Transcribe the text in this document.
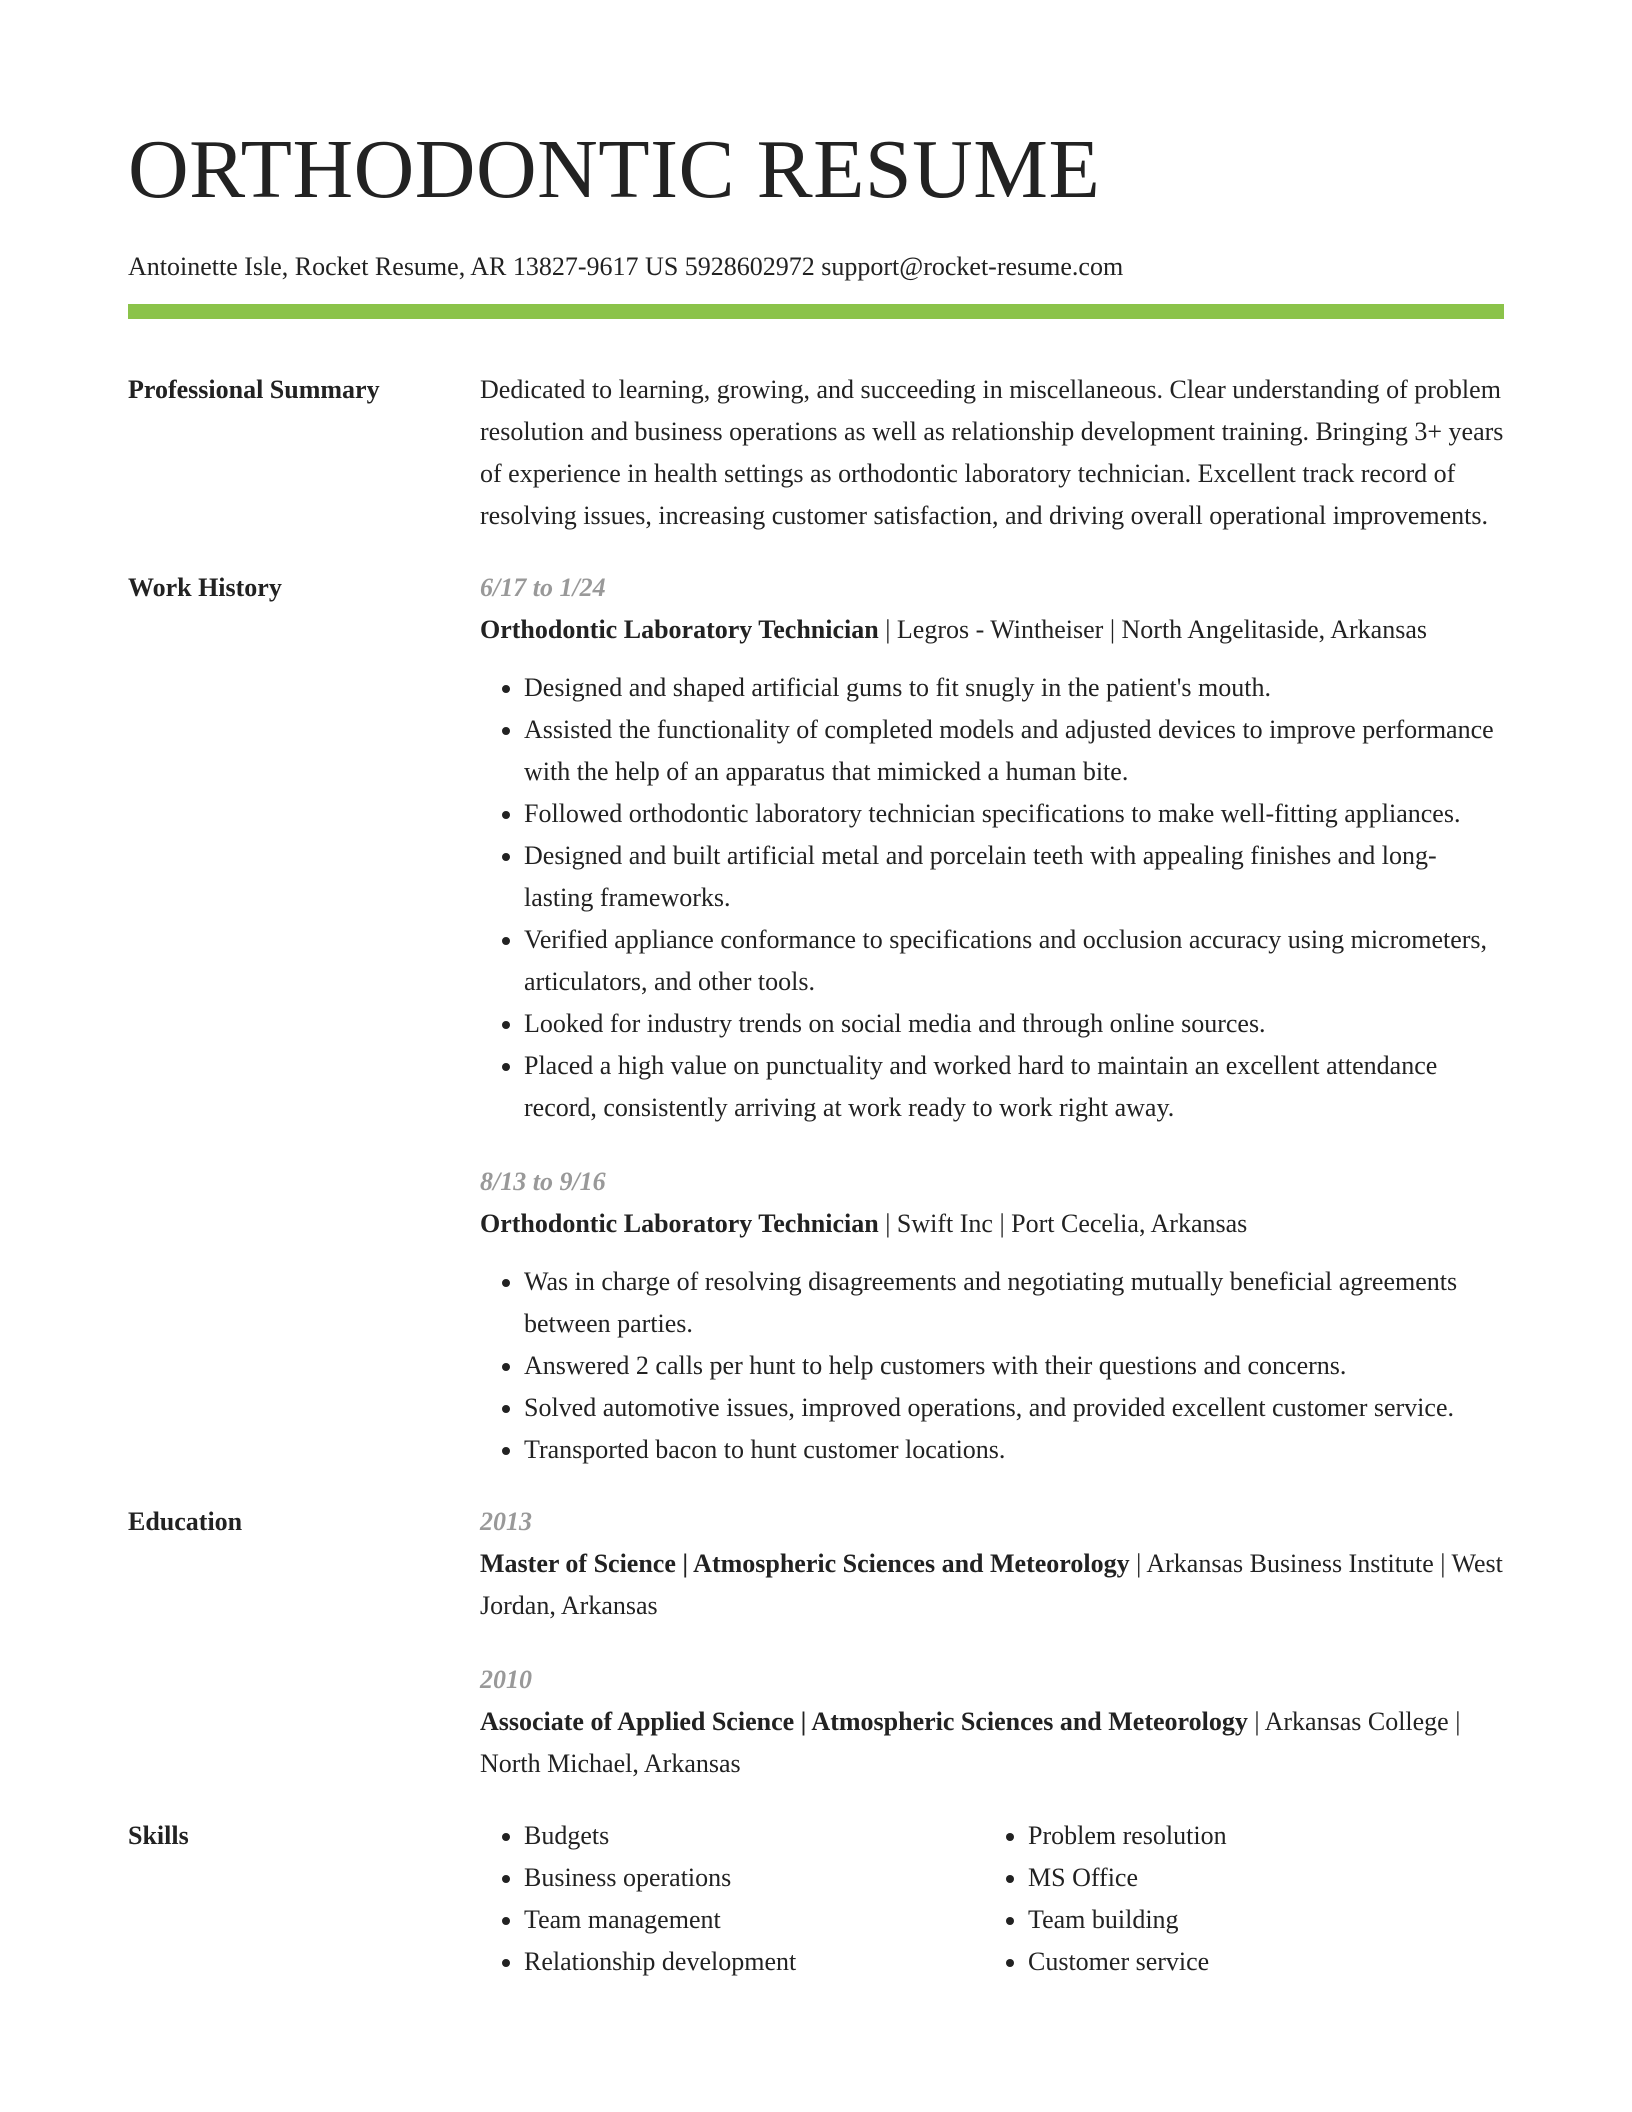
ORTHODONTIC RESUME
Antoinette Isle, Rocket Resume, AR 13827-9617 US 5928602972 support@rocket-resume.com
Professional Summary	Dedicated to learning, growing, and succeeding in miscellaneous. Clear understanding of problem resolution and business operations as well as relationship development training. Bringing 3+ years of experience in health settings as orthodontic laboratory technician. Excellent track record of resolving issues, increasing customer satisfaction, and driving overall operational improvements.
Work History	6/17 to 1/24
Orthodontic Laboratory Technician | Legros - Wintheiser | North Angelitaside, Arkansas
• Designed and shaped artificial gums to fit snugly in the patient's mouth.
• Assisted the functionality of completed models and adjusted devices to improve performance with the help of an apparatus that mimicked a human bite.
• Followed orthodontic laboratory technician specifications to make well-fitting appliances.
• Designed and built artificial metal and porcelain teeth with appealing finishes and long-lasting frameworks.
• Verified appliance conformance to specifications and occlusion accuracy using micrometers, articulators, and other tools.
• Looked for industry trends on social media and through online sources.
• Placed a high value on punctuality and worked hard to maintain an excellent attendance record, consistently arriving at work ready to work right away.
8/13 to 9/16
Orthodontic Laboratory Technician | Swift Inc | Port Cecelia, Arkansas
• Was in charge of resolving disagreements and negotiating mutually beneficial agreements between parties.
• Answered 2 calls per hunt to help customers with their questions and concerns.
• Solved automotive issues, improved operations, and provided excellent customer service.
• Transported bacon to hunt customer locations.
Education	2013
Master of Science | Atmospheric Sciences and Meteorology | Arkansas Business Institute | West Jordan, Arkansas
2010
Associate of Applied Science | Atmospheric Sciences and Meteorology | Arkansas College | North Michael, Arkansas
Skills
•	Budgets
• Business operations
• Team management
• Relationship development
• Problem resolution
• MS Office
• Team building
• Customer service
